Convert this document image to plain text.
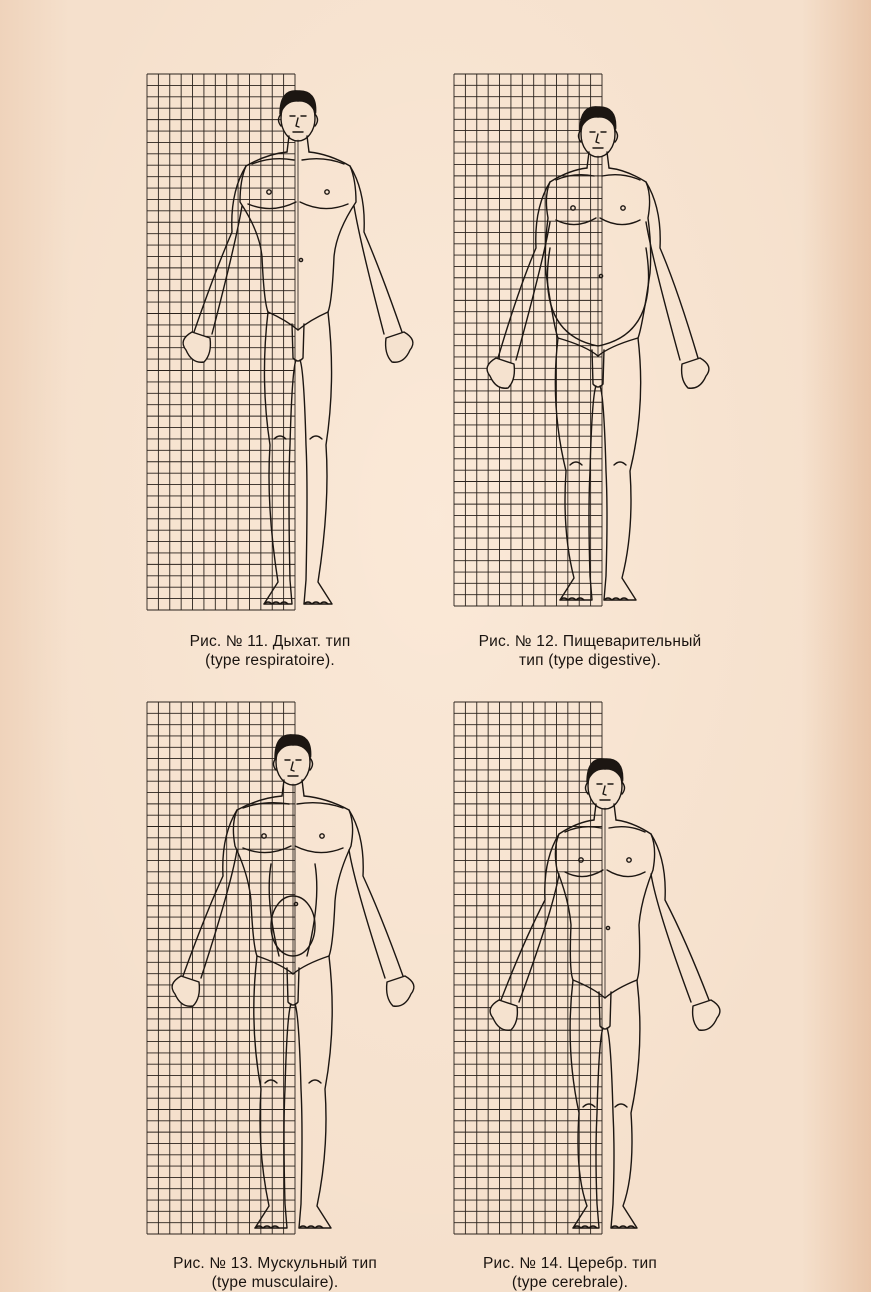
Рис. № 11. Дыхат. тип
(type respiratoire).
Рис. № 12. Пищеварительный
тип (type digestive).
Рис. № 13. Мускульный тип
(type musculaire).
Рис. № 14. Церебр. тип
(type cerebrale).
